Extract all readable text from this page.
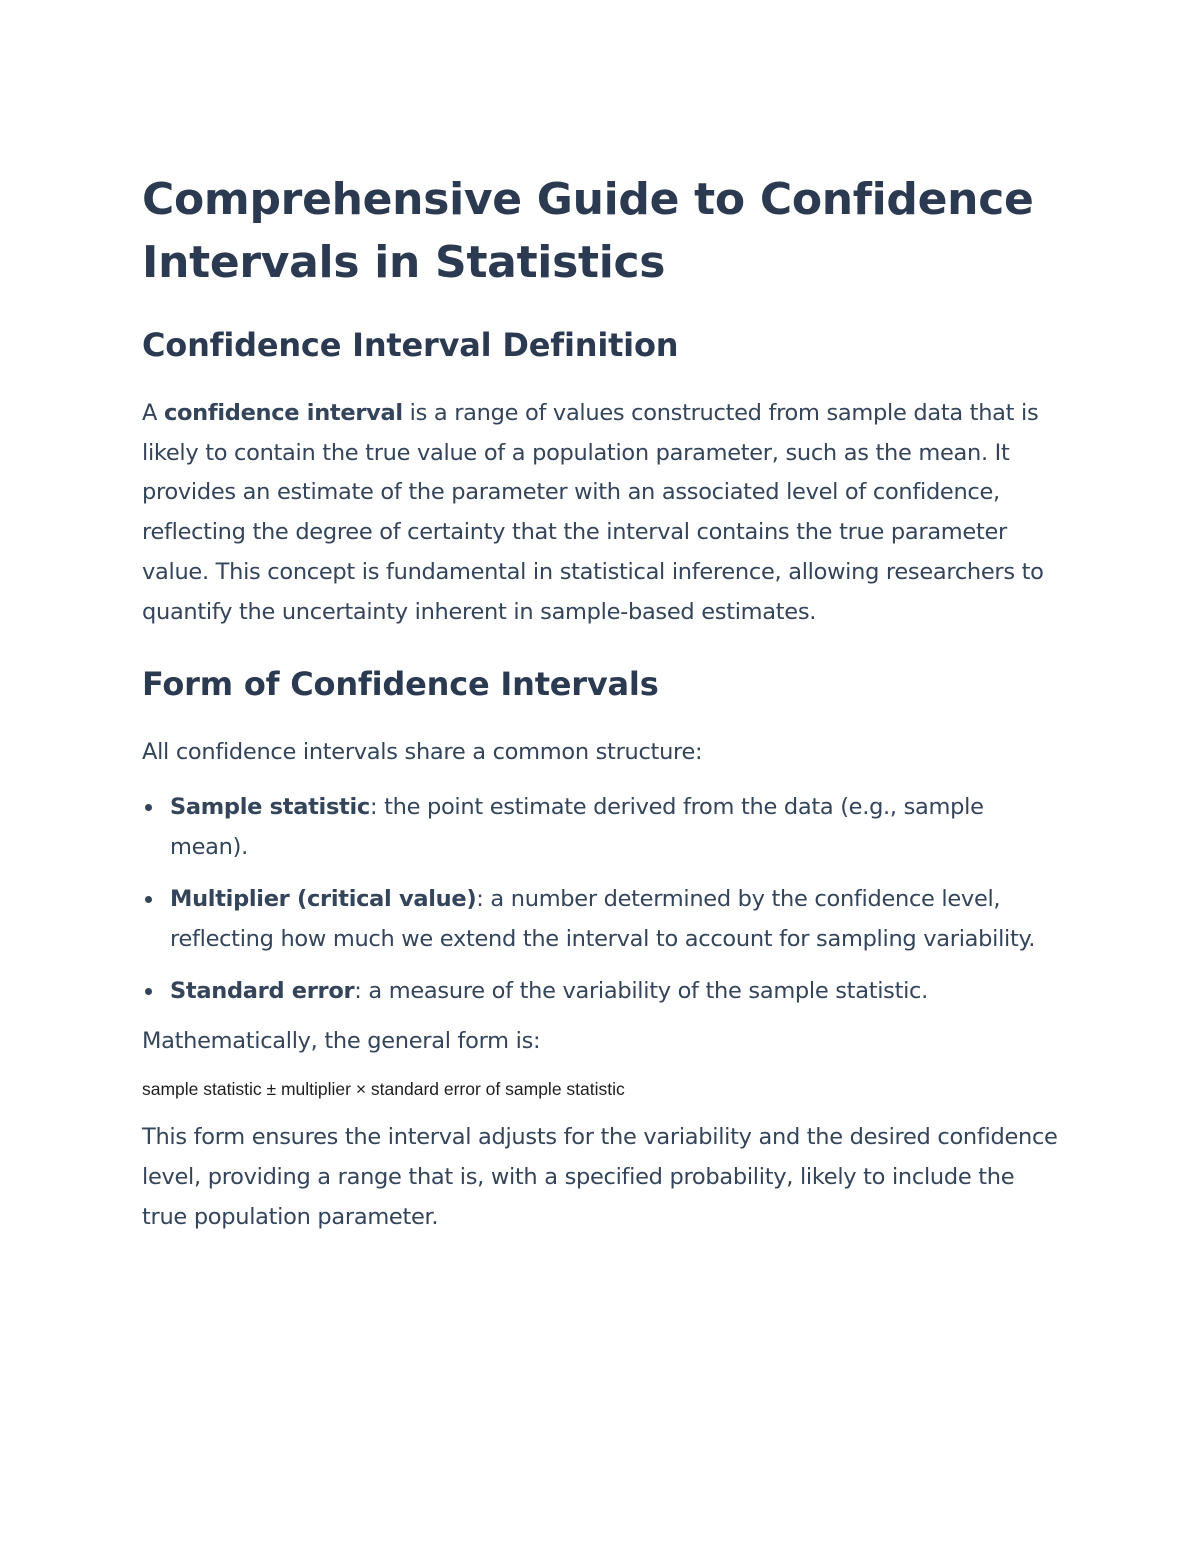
Comprehensive Guide to Confidence Intervals in Statistics
Confidence Interval Definition

A confidence interval is a range of values constructed from sample data that is likely to contain the true value of a population parameter, such as the mean. It provides an estimate of the parameter with an associated level of confidence, reflecting the degree of certainty that the interval contains the true parameter value. This concept is fundamental in statistical inference, allowing researchers to quantify the uncertainty inherent in sample-based estimates.

Form of Confidence Intervals

All confidence intervals share a common structure:

Sample statistic: the point estimate derived from the data (e.g., sample mean).
Multiplier (critical value): a number determined by the confidence level, reflecting how much we extend the interval to account for sampling variability.
Standard error: a measure of the variability of the sample statistic.

Mathematically, the general form is:

sample statistic ± multiplier × standard error of sample statistic

This form ensures the interval adjusts for the variability and the desired confidence level, providing a range that is, with a specified probability, likely to include the true population parameter.
